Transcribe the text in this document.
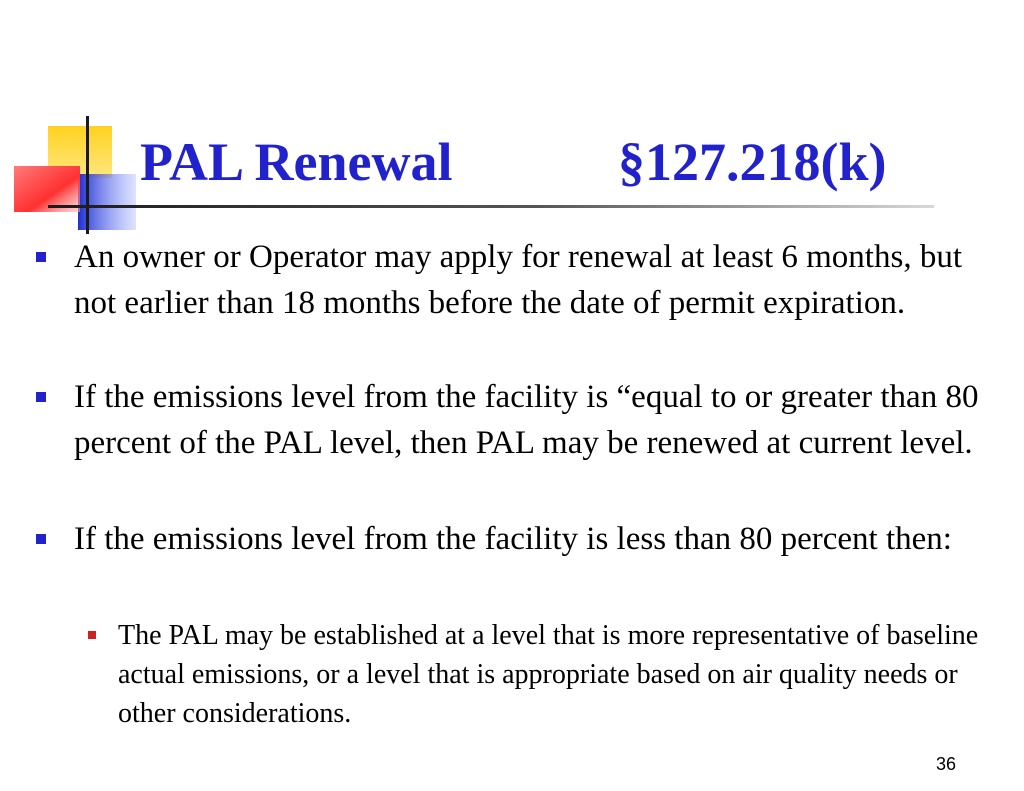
PAL Renewal	§127.218(k)
An owner or Operator may apply for renewal at least 6 months, but not earlier than 18 months before the date of permit expiration.
If the emissions level from the facility is “equal to or greater than 80 percent of the PAL level, then PAL may be renewed at current level.
If the emissions level from the facility is less than 80 percent then:
The PAL may be established at a level that is more representative of baseline actual emissions, or a level that is appropriate based on air quality needs or other considerations.
36
